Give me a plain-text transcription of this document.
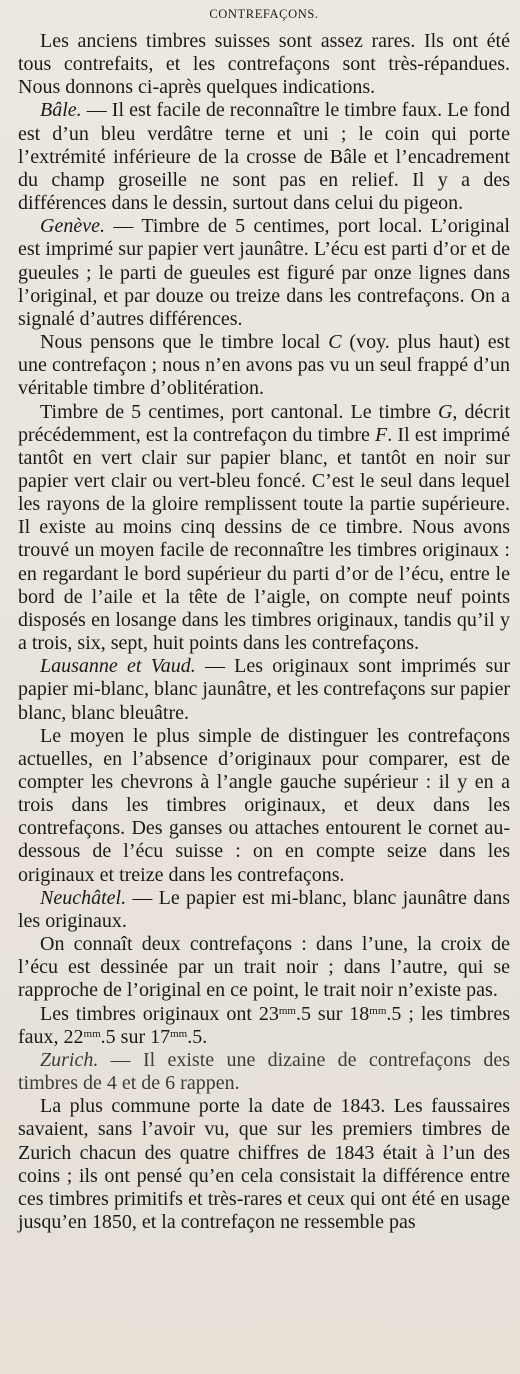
CONTREFAÇONS.

Les anciens timbres suisses sont assez rares. Ils ont été tous contrefaits, et les contrefaçons sont très-répandues. Nous donnons ci-après quelques indications.

Bâle. — Il est facile de reconnaître le timbre faux. Le fond est d’un bleu verdâtre terne et uni ; le coin qui porte l’extrémité inférieure de la crosse de Bâle et l’encadrement du champ groseille ne sont pas en relief. Il y a des différences dans le dessin, surtout dans celui du pigeon.

Genève. — Timbre de 5 centimes, port local. L’original est imprimé sur papier vert jaunâtre. L’écu est parti d’or et de gueules ; le parti de gueules est figuré par onze lignes dans l’original, et par douze ou treize dans les contrefaçons. On a signalé d’autres différences.

Nous pensons que le timbre local C (voy. plus haut) est une contrefaçon ; nous n’en avons pas vu un seul frappé d’un véritable timbre d’oblitération.

Timbre de 5 centimes, port cantonal. Le timbre G, décrit précédemment, est la contrefaçon du timbre F. Il est imprimé tantôt en vert clair sur papier blanc, et tantôt en noir sur papier vert clair ou vert-bleu foncé. C’est le seul dans lequel les rayons de la gloire remplissent toute la partie supérieure. Il existe au moins cinq dessins de ce timbre. Nous avons trouvé un moyen facile de reconnaître les timbres originaux : en regardant le bord supérieur du parti d’or de l’écu, entre le bord de l’aile et la tête de l’aigle, on compte neuf points disposés en losange dans les timbres originaux, tandis qu’il y a trois, six, sept, huit points dans les contrefaçons.

Lausanne et Vaud. — Les originaux sont imprimés sur papier mi-blanc, blanc jaunâtre, et les contrefaçons sur papier blanc, blanc bleuâtre.

Le moyen le plus simple de distinguer les contrefaçons actuelles, en l’absence d’originaux pour comparer, est de compter les chevrons à l’angle gauche supérieur : il y en a trois dans les timbres originaux, et deux dans les contrefaçons. Des ganses ou attaches entourent le cornet au-dessous de l’écu suisse : on en compte seize dans les originaux et treize dans les contrefaçons.

Neuchâtel. — Le papier est mi-blanc, blanc jaunâtre dans les originaux.

On connaît deux contrefaçons : dans l’une, la croix de l’écu est dessinée par un trait noir ; dans l’autre, qui se rapproche de l’original en ce point, le trait noir n’existe pas.

Les timbres originaux ont $23^{mm}.5$ sur $18^{mm}.5$ ; les timbres faux, $22^{mm}.5$ sur $17^{mm}.5$.

Zurich. — Il existe une dizaine de contrefaçons des timbres de 4 et de 6 rappen.

La plus commune porte la date de 1843. Les faussaires savaient, sans l’avoir vu, que sur les premiers timbres de Zurich chacun des quatre chiffres de 1843 était à l’un des coins ; ils ont pensé qu’en cela consistait la différence entre ces timbres primitifs et très-rares et ceux qui ont été en usage jusqu’en 1850, et la contrefaçon ne ressemble pas
